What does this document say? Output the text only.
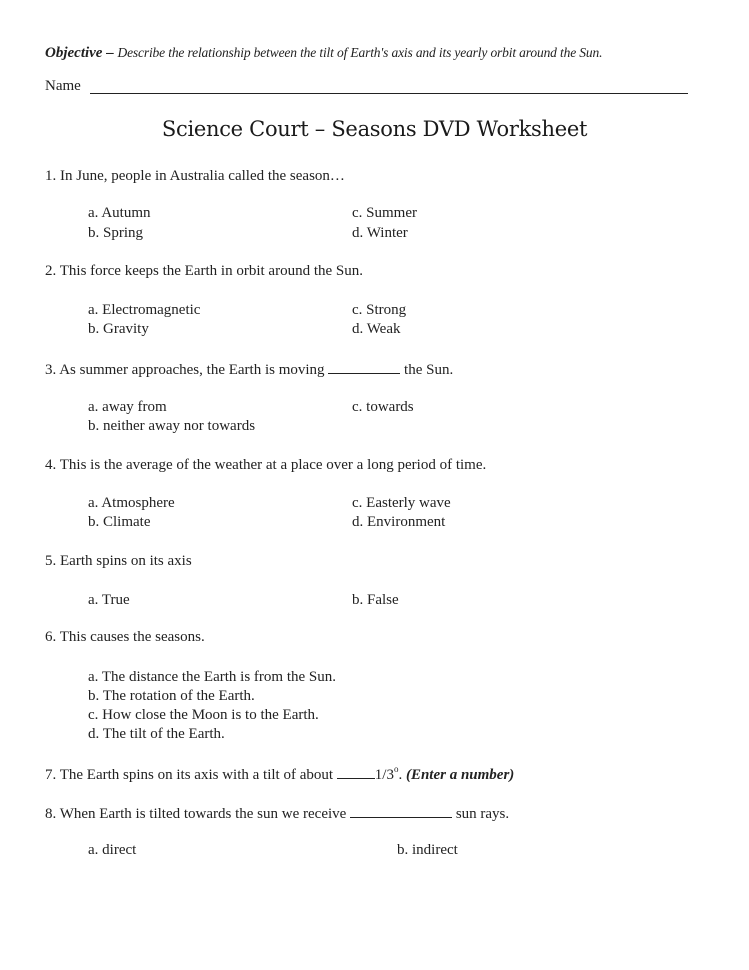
Objective – Describe the relationship between the tilt of Earth's axis and its yearly orbit around the Sun.
Name
Science Court – Seasons DVD Worksheet
1. In June, people in Australia called the season…
a. Autumn
b. Spring
c. Summer
d. Winter
2. This force keeps the Earth in orbit around the Sun.
a. Electromagnetic
b. Gravity
c. Strong
d. Weak
3. As summer approaches, the Earth is moving	the Sun.
a. away from
b. neither away nor towards
c. towards
4. This is the average of the weather at a place over a long period of time.
a. Atmosphere
b. Climate
c. Easterly wave
d. Environment
5. Earth spins on its axis
a. True	b. False
6. This causes the seasons.
a. The distance the Earth is from the Sun.
b. The rotation of the Earth.
c. How close the Moon is to the Earth.
d. The tilt of the Earth.
7. The Earth spins on its axis with a tilt of about	1/3$^o$. (Enter a number)
8. When Earth is tilted towards the sun we receive	sun rays.
a. direct	b. indirect
